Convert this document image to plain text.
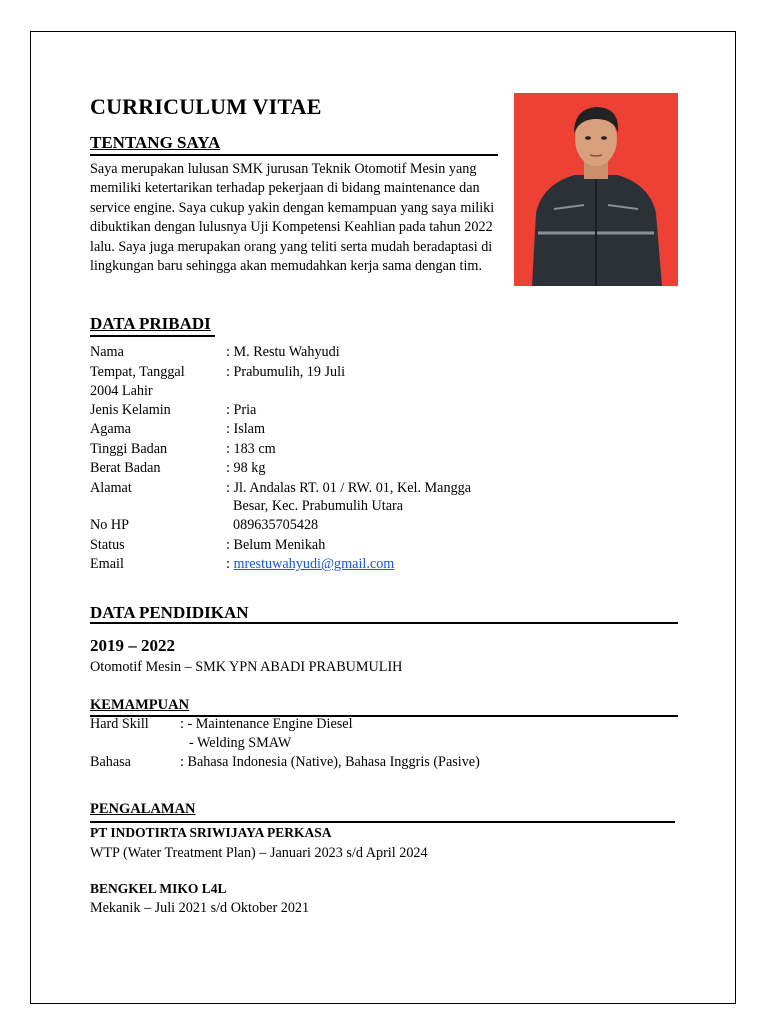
CURRICULUM VITAE
TENTANG SAYA
Saya merupakan lulusan SMK jurusan Teknik Otomotif Mesin yang memiliki ketertarikan terhadap pekerjaan di bidang maintenance dan service engine. Saya cukup yakin dengan kemampuan yang saya miliki dibuktikan dengan lulusnya Uji Kompetensi Keahlian pada tahun 2022 lalu. Saya juga merupakan orang yang teliti serta mudah beradaptasi di lingkungan baru sehingga akan memudahkan kerja sama dengan tim.
DATA PRIBADI
Nama	: M. Restu Wahyudi
Tempat, Tanggal	: Prabumulih, 19 Juli
2004 Lahir
Jenis Kelamin	: Pria
Agama	: Islam
Tinggi Badan	: 183 cm
Berat Badan	: 98 kg
Alamat	: Jl. Andalas RT. 01 / RW. 01, Kel. Mangga
Besar, Kec. Prabumulih Utara
No HP	089635705428
Status	: Belum Menikah
Email	: mrestuwahyudi@gmail.com
DATA PENDIDIKAN
2019 – 2022
Otomotif Mesin – SMK YPN ABADI PRABUMULIH
KEMAMPUAN
Hard Skill : - Maintenance Engine Diesel
- Welding SMAW
Bahasa	: Bahasa Indonesia (Native), Bahasa Inggris (Pasive)
PENGALAMAN
PT INDOTIRTA SRIWIJAYA PERKASA
WTP (Water Treatment Plan) – Januari 2023 s/d April 2024
BENGKEL MIKO L4L
Mekanik – Juli 2021 s/d Oktober 2021
